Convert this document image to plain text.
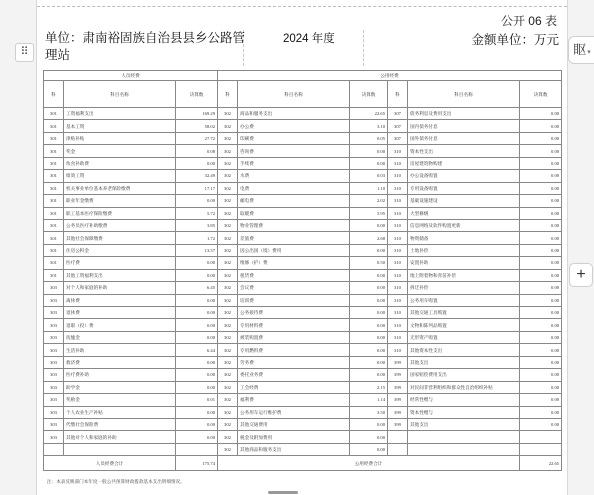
公开 06 表
单位：肃南裕固族自治县县乡公路管理站
2024 年度	金额单位：万元
人员经费			公用经费					
科	科目名称	决算数	科	科目名称	决算数	科	科目名称	决算数
301	工资福利支出	169.29	302	商品和服务支出	22.65	307	债务利息及费用支出	0.00
301	基本工资	58.02	302	办公费	3.10	307	国内债务付息	0.00
301	津贴补贴	27.72	302	印刷费	0.05	307	国外债务付息	0.00
301	奖金	0.08	302	咨询费	0.00	310	资本性支出	0.00
301	伙食补助费	0.00	302	手续费	0.00	310	房屋建筑物购建	0.00
301	绩效工资	32.49	302	水费	0.03	310	办公设备购置	0.00
301	机关事业单位基本养老保险缴费	17.17	302	电费	1.10	310	专用设备购置	0.00
301	职业年金缴费	0.00	302	邮电费	2.02	310	基础设施建设	0.00
301	职工基本医疗保险缴费	5.72	302	取暖费	5.95	310	大型修缮	0.00
301	公务员医疗补助缴费	3.85	302	物业管理费	0.00	310	信息网络及软件购置更新	0.00
301	其他社会保障缴费	1.72	302	差旅费	2.68	310	物资储备	0.00
301	住房公积金	13.57	302	因公出国（境）费用	0.00	310	土地补偿	0.00
301	医疗费	0.00	302	维修（护）费	0.50	310	安置补助	0.00
301	其他工资福利支出	0.00	302	租赁费	0.00	310	地上附着物和青苗补偿	0.00
303	对个人和家庭的补助	6.45	302	会议费	0.00	310	拆迁补偿	0.00
303	离休费	0.00	302	培训费	0.00	310	公务用车购置	0.00
303	退休费	0.00	302	公务接待费	0.00	310	其他交通工具购置	0.00
303	退职（役）费	0.00	302	专用材料费	0.00	310	文物和陈列品购置	0.00
303	抚恤金	0.00	302	被装购置费	0.00	310	无形资产购置	0.00
303	生活补助	6.44	302	专用燃料费	0.00	310	其他资本性支出	0.00
303	救济费	0.00	302	劳务费	0.00	399	其他支出	0.00
303	医疗费补助	0.00	302	委托业务费	0.00	399	国家赔偿费用支出	0.00
303	助学金	0.00	302	工会经费	2.15	399	对民间非营利组织和群众性自治组织补贴	0.00
303	奖励金	0.01	302	福利费	1.14	399	经常性赠与	0.00
303	个人农业生产补贴	0.00	302	公务用车运行维护费	3.50	399	资本性赠与	0.00
303	代缴社会保险费	0.00	302	其他交通费用	0.00	399	其他支出	0.00
303	其他对个人和家庭的补助	0.00	302	税金及附加费用	0.00			
			302	其他商品和服务支出	0.00			
人员经费合计		175.74	公用经费合计					22.65
注：本表反映部门本年度一般公共预算财政拨款基本支出明细情况。
⠿
+
眍▾
